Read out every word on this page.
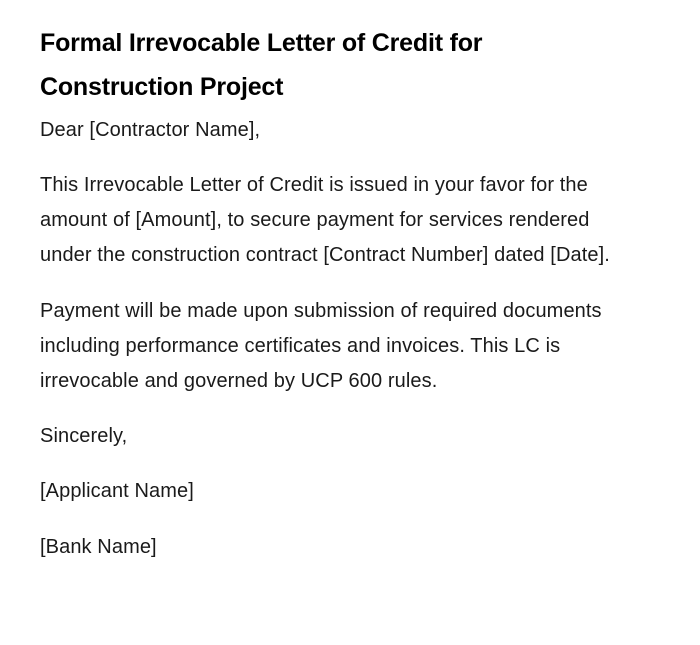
Formal Irrevocable Letter of Credit for Construction Project

Dear [Contractor Name],

This Irrevocable Letter of Credit is issued in your favor for the amount of [Amount], to secure payment for services rendered under the construction contract [Contract Number] dated [Date].

Payment will be made upon submission of required documents including performance certificates and invoices. This LC is irrevocable and governed by UCP 600 rules.

Sincerely,

[Applicant Name]

[Bank Name]
